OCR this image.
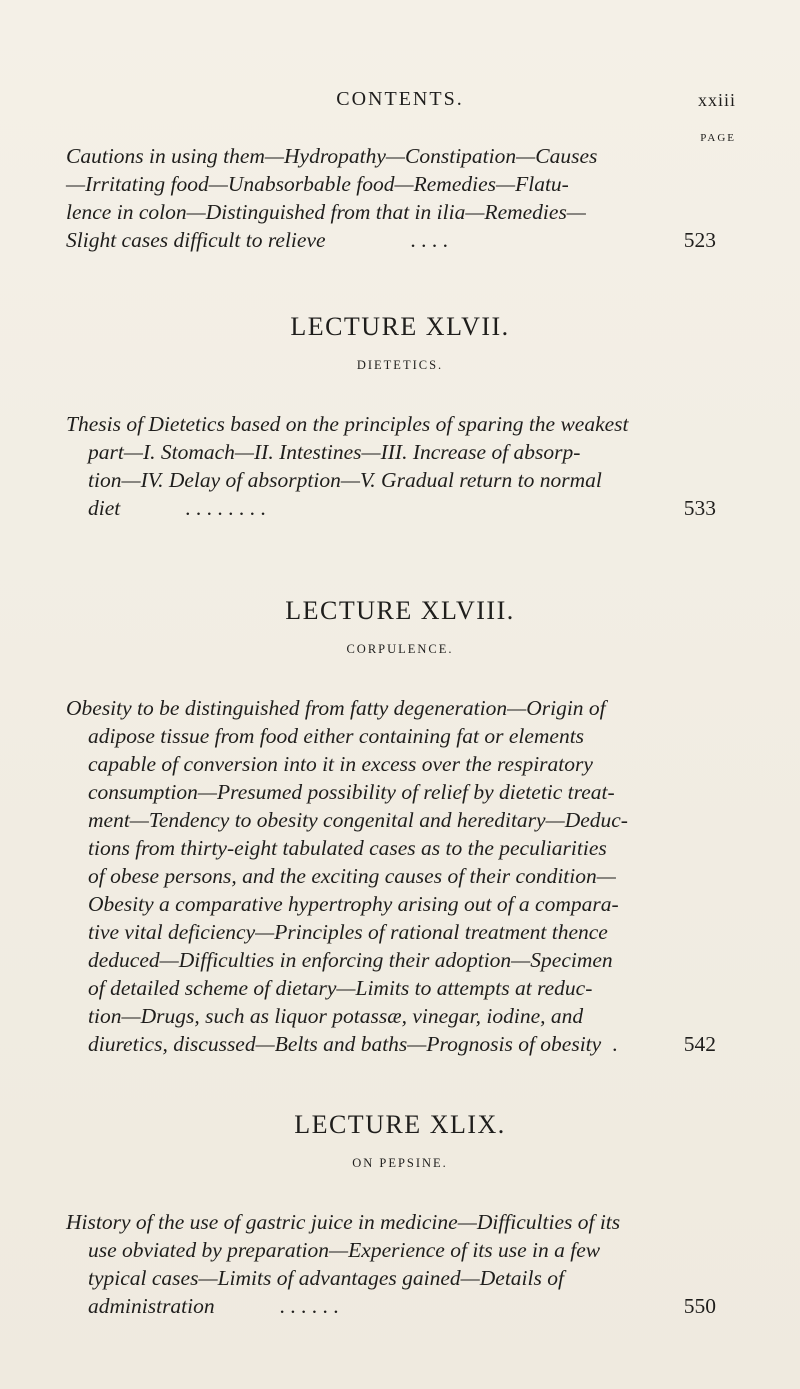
CONTENTS.	xxiii
PAGE
Cautions in using them—Hydropathy—Constipation—Causes
—Irritating food—Unabsorbable food—Remedies—Flatu-
lence in colon—Distinguished from that in ilia—Remedies—
Slight cases difficult to relieve	. . . .	523
LECTURE XLVII.
DIETETICS.
Thesis of Dietetics based on the principles of sparing the weakest
part—I. Stomach—II. Intestines—III. Increase of absorp-
tion—IV. Delay of absorption—V. Gradual return to normal
diet	. . . . . . . .	533
LECTURE XLVIII.
CORPULENCE.
Obesity to be distinguished from fatty degeneration—Origin of
adipose tissue from food either containing fat or elements
capable of conversion into it in excess over the respiratory
consumption—Presumed possibility of relief by dietetic treat-
ment—Tendency to obesity congenital and hereditary—Deduc-
tions from thirty-eight tabulated cases as to the peculiarities
of obese persons, and the exciting causes of their condition—
Obesity a comparative hypertrophy arising out of a compara-
tive vital deficiency—Principles of rational treatment thence
deduced—Difficulties in enforcing their adoption—Specimen
of detailed scheme of dietary—Limits to attempts at reduc-
tion—Drugs, such as liquor potassæ, vinegar, iodine, and
diuretics, discussed—Belts and baths—Prognosis of obesity .	542
LECTURE XLIX.
ON PEPSINE.
History of the use of gastric juice in medicine—Difficulties of its
use obviated by preparation—Experience of its use in a few
typical cases—Limits of advantages gained—Details of
administration	. . . . . .	550
